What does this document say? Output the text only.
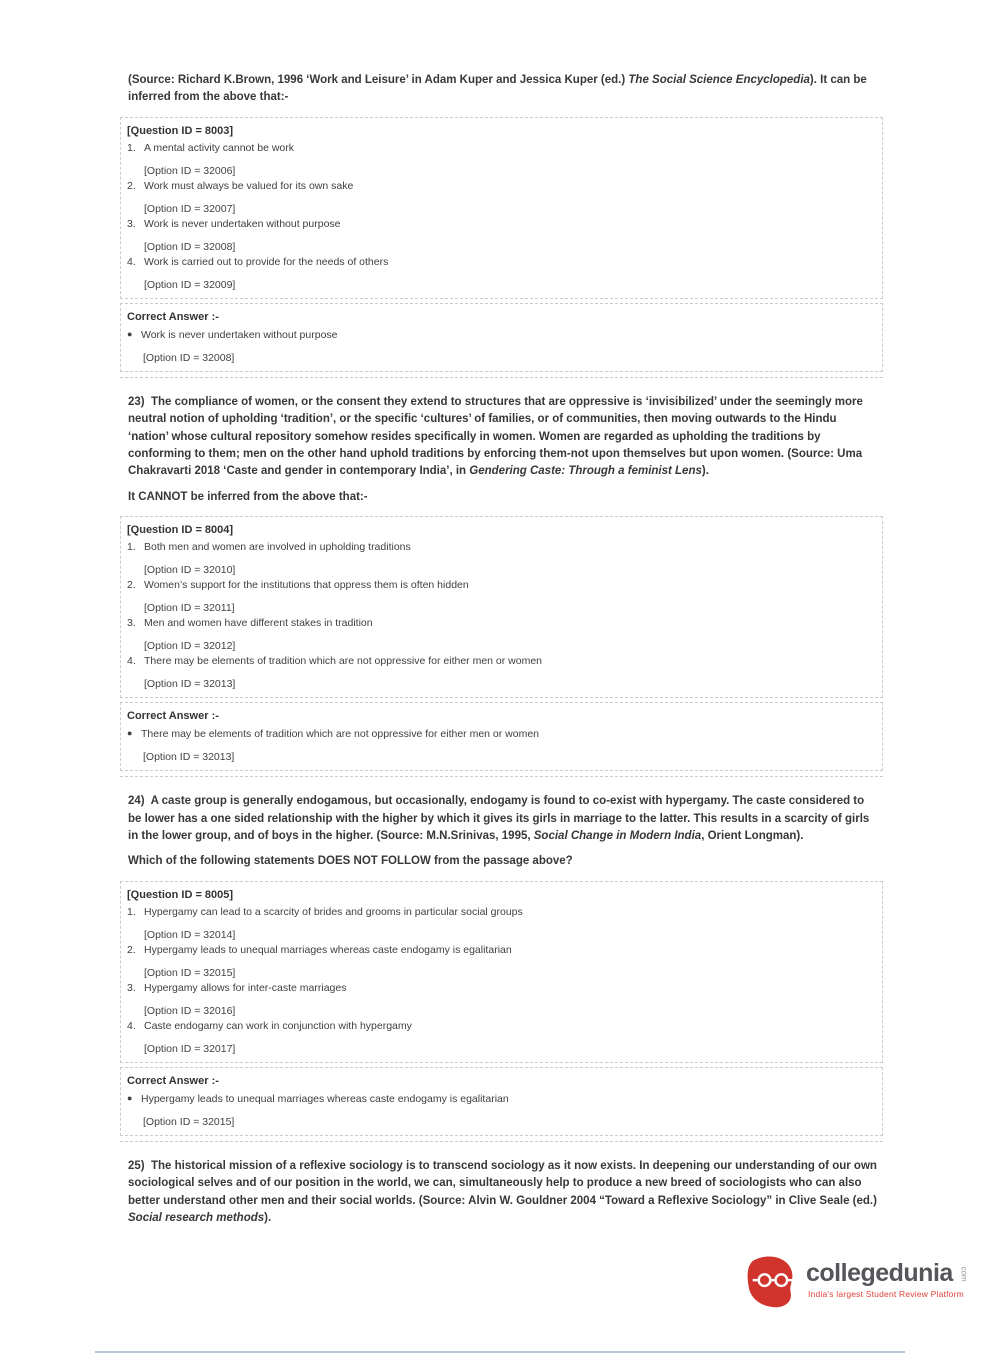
(Source: Richard K.Brown, 1996 ‘Work and Leisure’ in Adam Kuper and Jessica Kuper (ed.) The Social Science Encyclopedia). It can be inferred from the above that:-
[Question ID = 8003]
1. A mental activity cannot be work
[Option ID = 32006]
2. Work must always be valued for its own sake
[Option ID = 32007]
3. Work is never undertaken without purpose
[Option ID = 32008]
4. Work is carried out to provide for the needs of others
[Option ID = 32009]
Correct Answer :-
● Work is never undertaken without purpose
[Option ID = 32008]
23)  The compliance of women, or the consent they extend to structures that are oppressive is ‘invisibilized’ under the seemingly more neutral notion of upholding ‘tradition’, or the specific ‘cultures’ of families, or of communities, then moving outwards to the Hindu ‘nation’ whose cultural repository somehow resides specifically in women. Women are regarded as upholding the traditions by conforming to them; men on the other hand uphold traditions by enforcing them-not upon themselves but upon women. (Source: Uma Chakravarti 2018 ‘Caste and gender in contemporary India’, in Gendering Caste: Through a feminist Lens).
It CANNOT be inferred from the above that:-
[Question ID = 8004]
1. Both men and women are involved in upholding traditions
[Option ID = 32010]
2. Women’s support for the institutions that oppress them is often hidden
[Option ID = 32011]
3. Men and women have different stakes in tradition
[Option ID = 32012]
4. There may be elements of tradition which are not oppressive for either men or women
[Option ID = 32013]
Correct Answer :-
● There may be elements of tradition which are not oppressive for either men or women
[Option ID = 32013]
24)  A caste group is generally endogamous, but occasionally, endogamy is found to co-exist with hypergamy. The caste considered to be lower has a one sided relationship with the higher by which it gives its girls in marriage to the latter. This results in a scarcity of girls in the lower group, and of boys in the higher. (Source: M.N.Srinivas, 1995, Social Change in Modern India, Orient Longman).
Which of the following statements DOES NOT FOLLOW from the passage above?
[Question ID = 8005]
1. Hypergamy can lead to a scarcity of brides and grooms in particular social groups
[Option ID = 32014]
2. Hypergamy leads to unequal marriages whereas caste endogamy is egalitarian
[Option ID = 32015]
3. Hypergamy allows for inter-caste marriages
[Option ID = 32016]
4. Caste endogamy can work in conjunction with hypergamy
[Option ID = 32017]
Correct Answer :-
● Hypergamy leads to unequal marriages whereas caste endogamy is egalitarian
[Option ID = 32015]
25)  The historical mission of a reflexive sociology is to transcend sociology as it now exists. In deepening our understanding of our own sociological selves and of our position in the world, we can, simultaneously help to produce a new breed of sociologists who can also better understand other men and their social worlds. (Source: Alvin W. Gouldner 2004 “Toward a Reflexive Sociology” in Clive Seale (ed.) Social research methods).
collegedunia com
India's largest Student Review Platform
